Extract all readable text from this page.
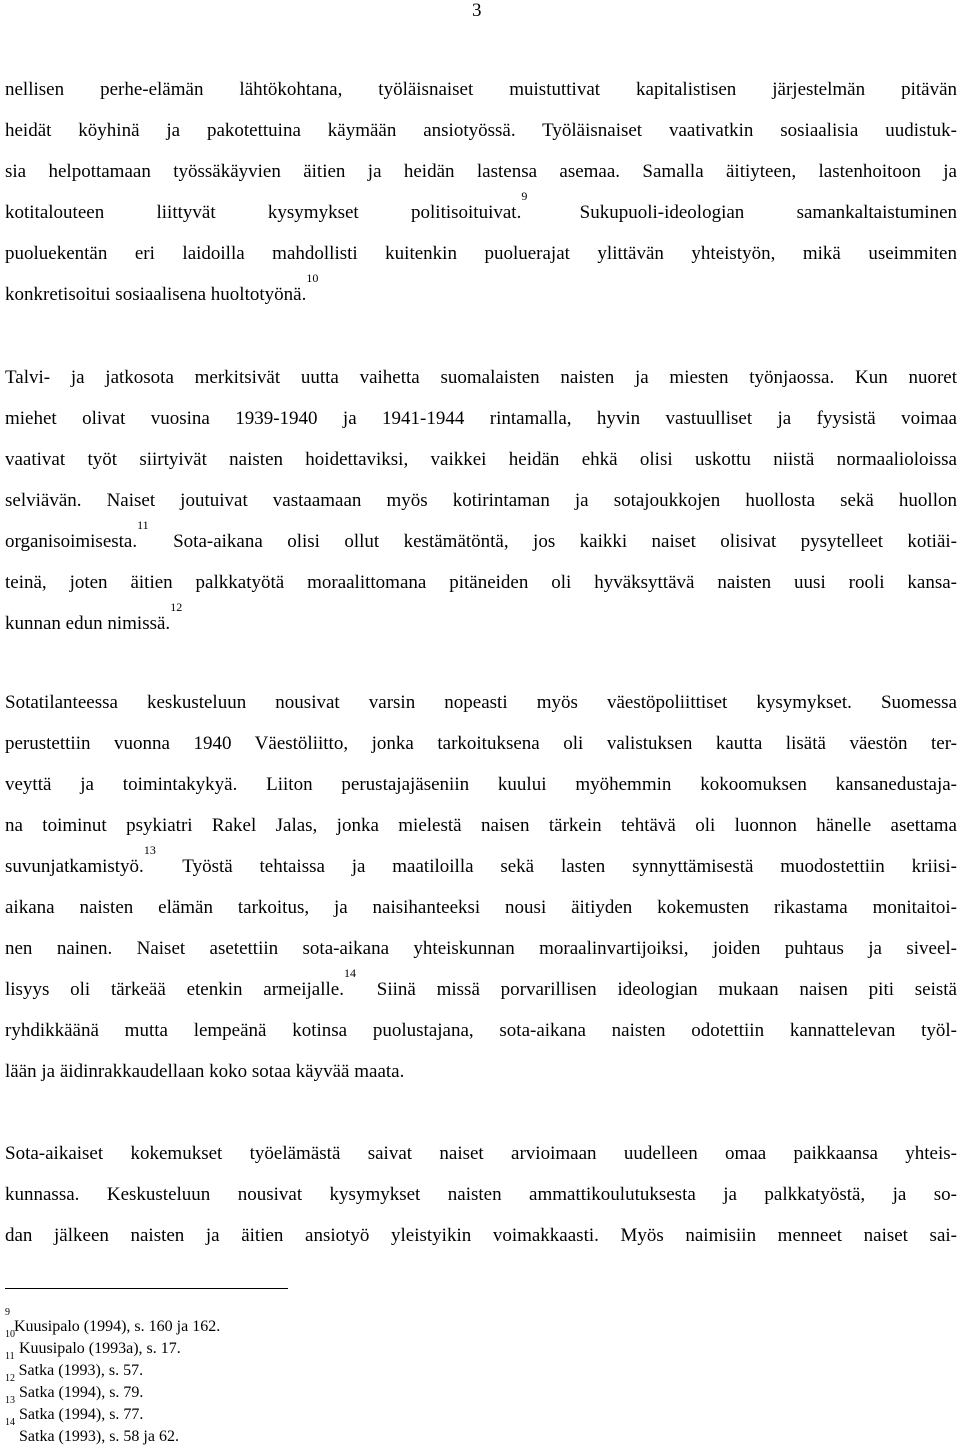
3
nellisen perhe-elämän lähtökohtana, työläisnaiset muistuttivat kapitalistisen järjestelmän pitävän
heidät köyhinä ja pakotettuina käymään ansiotyössä. Työläisnaiset vaativatkin sosiaalisia uudistuk-
sia helpottamaan työssäkäyvien äitien ja heidän lastensa asemaa. Samalla äitiyteen, lastenhoitoon ja
kotitalouteen liittyvät kysymykset politisoituivat.$^9$ Sukupuoli-ideologian samankaltaistuminen
puoluekentän eri laidoilla mahdollisti kuitenkin puoluerajat ylittävän yhteistyön, mikä useimmiten
konkretisoitui sosiaalisena huoltotyönä.$^{10}$
Talvi- ja jatkosota merkitsivät uutta vaihetta suomalaisten naisten ja miesten työnjaossa. Kun nuoret
miehet olivat vuosina 1939-1940 ja 1941-1944 rintamalla, hyvin vastuulliset ja fyysistä voimaa
vaativat työt siirtyivät naisten hoidettaviksi, vaikkei heidän ehkä olisi uskottu niistä normaalioloissa
selviävän. Naiset joutuivat vastaamaan myös kotirintaman ja sotajoukkojen huollosta sekä huollon
organisoimisesta.$^{11}$ Sota-aikana olisi ollut kestämätöntä, jos kaikki naiset olisivat pysytelleet kotiäi-
teinä, joten äitien palkkatyötä moraalittomana pitäneiden oli hyväksyttävä naisten uusi rooli kansa-
kunnan edun nimissä.$^{12}$
Sotatilanteessa keskusteluun nousivat varsin nopeasti myös väestöpoliittiset kysymykset. Suomessa
perustettiin vuonna 1940 Väestöliitto, jonka tarkoituksena oli valistuksen kautta lisätä väestön ter-
veyttä ja toimintakykyä. Liiton perustajajäseniin kuului myöhemmin kokoomuksen kansanedustaja-
na toiminut psykiatri Rakel Jalas, jonka mielestä naisen tärkein tehtävä oli luonnon hänelle asettama
suvunjatkamistyö.$^{13}$ Työstä tehtaissa ja maatiloilla sekä lasten synnyttämisestä muodostettiin kriisi-
aikana naisten elämän tarkoitus, ja naisihanteeksi nousi äitiyden kokemusten rikastama monitaitoi-
nen nainen. Naiset asetettiin sota-aikana yhteiskunnan moraalinvartijoiksi, joiden puhtaus ja siveel-
lisyys oli tärkeää etenkin armeijalle.$^{14}$ Siinä missä porvarillisen ideologian mukaan naisen piti seistä
ryhdikkäänä mutta lempeänä kotinsa puolustajana, sota-aikana naisten odotettiin kannattelevan työl-
lään ja äidinrakkaudellaan koko sotaa käyvää maata.
Sota-aikaiset kokemukset työelämästä saivat naiset arvioimaan uudelleen omaa paikkaansa yhteis-
kunnassa. Keskusteluun nousivat kysymykset naisten ammattikoulutuksesta ja palkkatyöstä, ja so-
dan jälkeen naisten ja äitien ansiotyö yleistyikin voimakkaasti. Myös naimisiin menneet naiset sai-
$^9$ Kuusipalo (1994), s. 160 ja 162.
$^{10}$ Kuusipalo (1993a), s. 17.
$^{11}$ Satka (1993), s. 57.
$^{12}$ Satka (1994), s. 79.
$^{13}$ Satka (1994), s. 77.
$^{14}$ Satka (1993), s. 58 ja 62.
